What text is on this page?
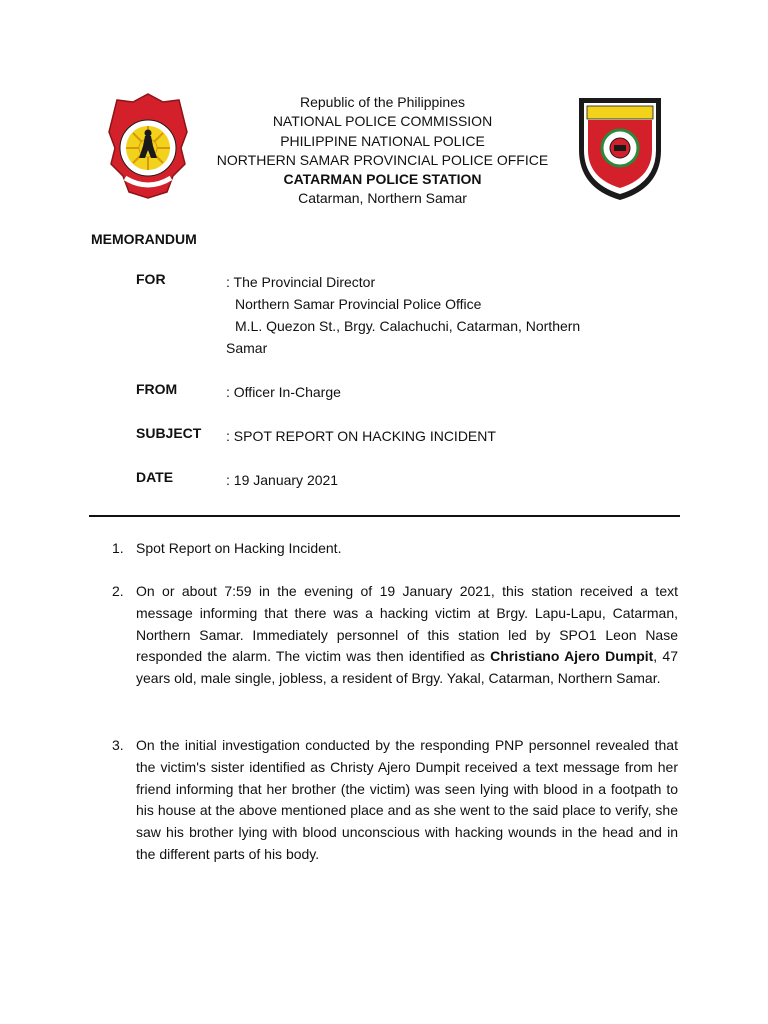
Republic of the Philippines
NATIONAL POLICE COMMISSION
PHILIPPINE NATIONAL POLICE
NORTHERN SAMAR PROVINCIAL POLICE OFFICE
CATARMAN POLICE STATION
Catarman, Northern Samar
MEMORANDUM
FOR	: The Provincial Director
Northern Samar Provincial Police Office
M.L. Quezon St., Brgy. Calachuchi, Catarman, Northern
Samar
FROM	: Officer In-Charge
SUBJECT	: SPOT REPORT ON HACKING INCIDENT
DATE	: 19 January 2021
1. Spot Report on Hacking Incident.
2. On or about 7:59 in the evening of 19 January 2021, this station received a text message informing that there was a hacking victim at Brgy. Lapu-Lapu, Catarman, Northern Samar. Immediately personnel of this station led by SPO1 Leon Nase responded the alarm. The victim was then identified as Christiano Ajero Dumpit, 47 years old, male single, jobless, a resident of Brgy. Yakal, Catarman, Northern Samar.
3. On the initial investigation conducted by the responding PNP personnel revealed that the victim's sister identified as Christy Ajero Dumpit received a text message from her friend informing that her brother (the victim) was seen lying with blood in a footpath to his house at the above mentioned place and as she went to the said place to verify, she saw his brother lying with blood unconscious with hacking wounds in the head and in the different parts of his body.
